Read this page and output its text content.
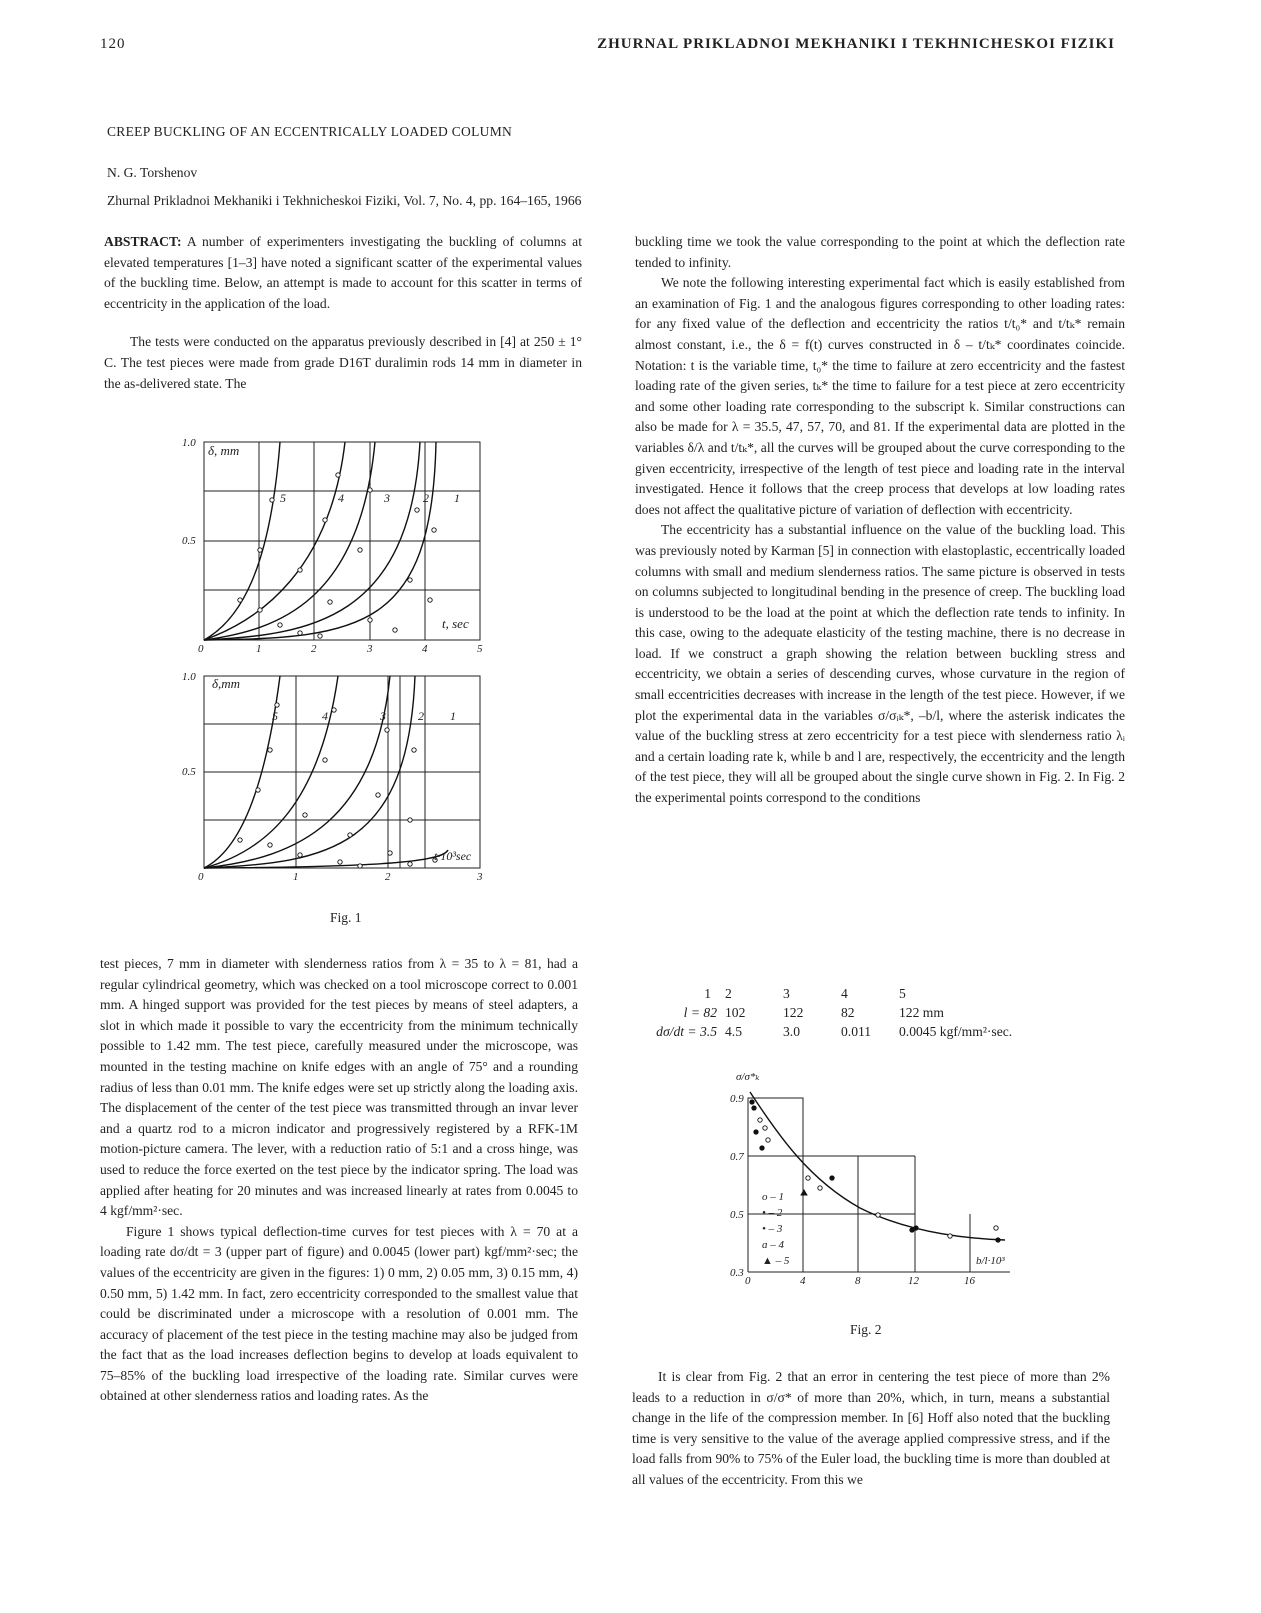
120	ZHURNAL PRIKLADNOI MEKHANIKI I TEKHNICHESKOI FIZIKI
CREEP BUCKLING OF AN ECCENTRICALLY LOADED COLUMN
N. G. Torshenov
Zhurnal Prikladnoi Mekhaniki i Tekhnicheskoi Fiziki, Vol. 7, No. 4, pp. 164–165, 1966

ABSTRACT: A number of experimenters investigating the buckling of columns at elevated temperatures [1–3] have noted a significant scatter of the experimental values of the buckling time. Below, an attempt is made to account for this scatter in terms of eccentricity in the application of the load.

The tests were conducted on the apparatus previously described in [4] at 250 ± 1° C. The test pieces were made from grade D16T duralimin rods 14 mm in diameter in the as-delivered state. The

1.0
0.5
0
δ, mm
t, sec
1	2	3	4	5
5	4	3	2 1
1.0
0.5
0
δ,mm
t·10³sec
1	2	3
5	4	3	2 1
Fig. 1

test pieces, 7 mm in diameter with slenderness ratios from λ = 35 to λ = 81, had a regular cylindrical geometry, which was checked on a tool microscope correct to 0.001 mm. A hinged support was provided for the test pieces by means of steel adapters, a slot in which made it possible to vary the eccentricity from the minimum technically possible to 1.42 mm. The test piece, carefully measured under the microscope, was mounted in the testing machine on knife edges with an angle of 75° and a rounding radius of less than 0.01 mm. The knife edges were set up strictly along the loading axis. The displacement of the center of the test piece was transmitted through an invar lever and a quartz rod to a micron indicator and progressively registered by a RFK-1M motion-picture camera. The lever, with a reduction ratio of 5:1 and a cross hinge, was used to reduce the force exerted on the test piece by the indicator spring. The load was applied after heating for 20 minutes and was increased linearly at rates from 0.0045 to 4 kgf/mm²·sec.

Figure 1 shows typical deflection-time curves for test pieces with λ = 70 at a loading rate dσ/dt = 3 (upper part of figure) and 0.0045 (lower part) kgf/mm²·sec; the values of the eccentricity are given in the figures: 1) 0 mm, 2) 0.05 mm, 3) 0.15 mm, 4) 0.50 mm, 5) 1.42 mm. In fact, zero eccentricity corresponded to the smallest value that could be discriminated under a microscope with a resolution of 0.001 mm. The accuracy of placement of the test piece in the testing machine may also be judged from the fact that as the load increases deflection begins to develop at loads equivalent to 75–85% of the buckling load irrespective of the loading rate. Similar curves were obtained at other slenderness ratios and loading rates. As the

buckling time we took the value corresponding to the point at which the deflection rate tended to infinity.

We note the following interesting experimental fact which is easily established from an examination of Fig. 1 and the analogous figures corresponding to other loading rates: for any fixed value of the deflection and eccentricity the ratios t/t₀* and t/tₖ* remain almost constant, i.e., the δ = f(t) curves constructed in δ – t/tₖ* coordinates coincide. Notation: t is the variable time, t₀* the time to failure at zero eccentricity and the fastest loading rate of the given series, tₖ* the time to failure for a test piece at zero eccentricity and some other loading rate corresponding to the subscript k. Similar constructions can also be made for λ = 35.5, 47, 57, 70, and 81. If the experimental data are plotted in the variables δ/λ and t/tₖ*, all the curves will be grouped about the curve corresponding to the given eccentricity, irrespective of the length of test piece and loading rate in the interval investigated. Hence it follows that the creep process that develops at low loading rates does not affect the qualitative picture of variation of deflection with eccentricity.

The eccentricity has a substantial influence on the value of the buckling load. This was previously noted by Karman [5] in connection with elastoplastic, eccentrically loaded columns with small and medium slenderness ratios. The same picture is observed in tests on columns subjected to longitudinal bending in the presence of creep. The buckling load is understood to be the load at the point at which the deflection rate tends to infinity. In this case, owing to the adequate elasticity of the testing machine, there is no decrease in load. If we construct a graph showing the relation between buckling stress and eccentricity, we obtain a series of descending curves, whose curvature in the region of small eccentricities decreases with increase in the length of the test piece. However, if we plot the experimental data in the variables σ/σᵢₖ*, –b/l, where the asterisk indicates the value of the buckling stress at zero eccentricity for a test piece with slenderness ratio λᵢ and a certain loading rate k, while b and l are, respectively, the eccentricity and the length of the test piece, they will all be grouped about the single curve shown in Fig. 2. In Fig. 2 the experimental points correspond to the conditions

1	2	3	4	5
l = 82	102	122	82	122 mm
dσ/dt = 3.5	4.5	3.0	0.011	0.0045 kgf/mm²·sec.
σ/σ*ₖ
0.9
0.7
0.5
0.3
0	4	8	12	16
b/l·10³
o – 1
• – 2
• – 3
ɑ – 4
▲ – 5
Fig. 2

It is clear from Fig. 2 that an error in centering the test piece of more than 2% leads to a reduction in σ/σ* of more than 20%, which, in turn, means a substantial change in the life of the compression member. In [6] Hoff also noted that the buckling time is very sensitive to the value of the average applied compressive stress, and if the load falls from 90% to 75% of the Euler load, the buckling time is more than doubled at all values of the eccentricity. From this we
